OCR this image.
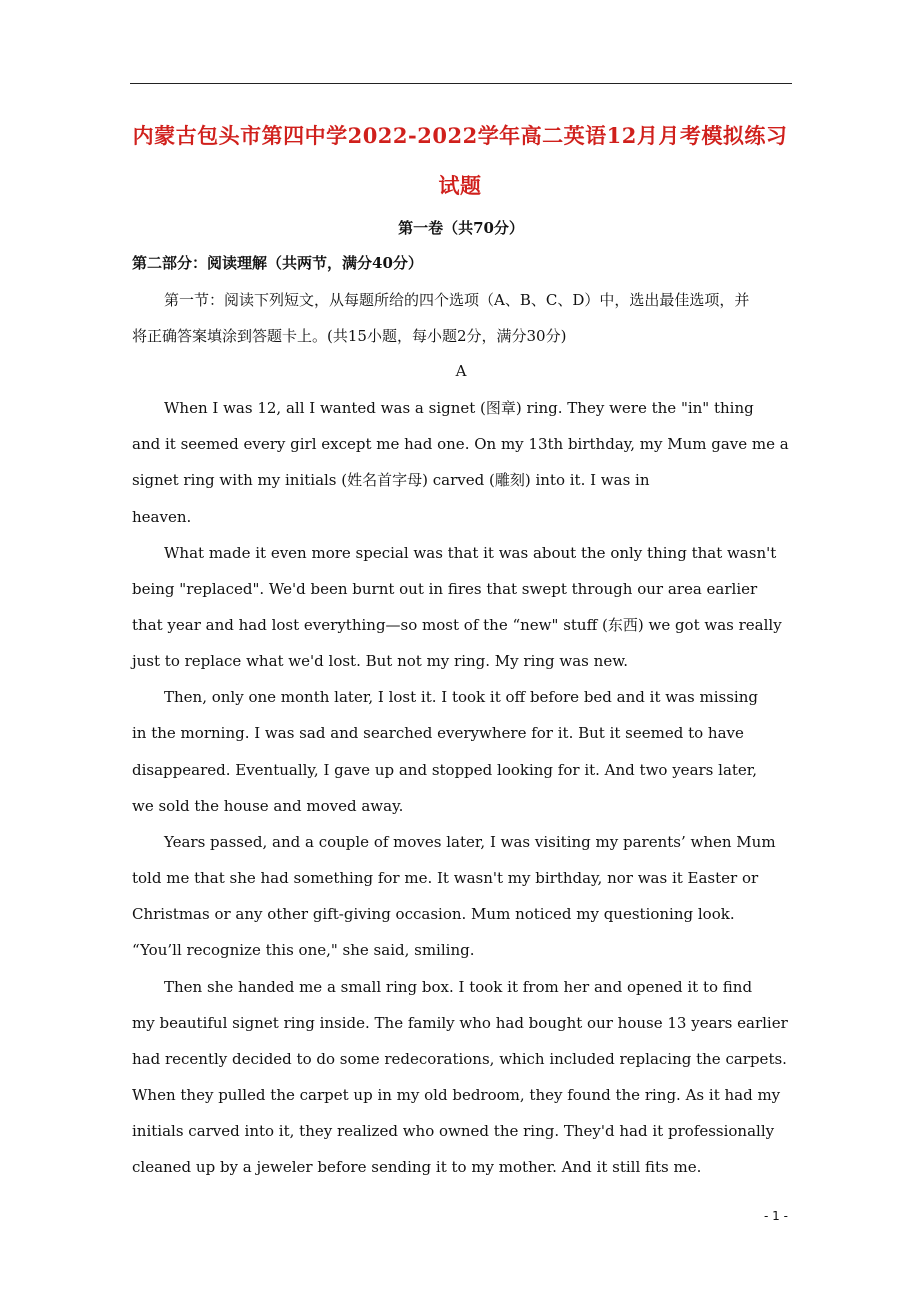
内蒙古包头市第四中学2022-2022学年高二英语12月月考模拟练习
试题
第一卷（共70分）
第二部分：阅读理解（共两节，满分40分）
第一节：阅读下列短文，从每题所给的四个选项（A、B、C、D）中，选出最佳选项，并
将正确答案填涂到答题卡上。(共15小题，每小题2分，满分30分)
A
When I was 12, all I wanted was a signet (图章) ring. They were the "in" thing
and it seemed every girl except me had one. On my 13th birthday, my Mum gave me a
signet ring with my initials (姓名首字母) carved (雕刻) into it. I was in
heaven.
What made it even more special was that it was about the only thing that wasn't
being "replaced". We'd been burnt out in fires that swept through our area earlier
that year and had lost everything—so most of the “new" stuff (东西) we got was really
just to replace what we'd lost. But not my ring. My ring was new.
Then, only one month later, I lost it. I took it off before bed and it was missing
in the morning. I was sad and searched everywhere for it. But it seemed to have
disappeared. Eventually, I gave up and stopped looking for it. And two years later,
we sold the house and moved away.
Years passed, and a couple of moves later, I was visiting my parents’ when Mum
told me that she had something for me. It wasn't my birthday, nor was it Easter or
Christmas or any other gift-giving occasion. Mum noticed my questioning look.
“You’ll recognize this one," she said, smiling.
Then she handed me a small ring box. I took it from her and opened it to find
my beautiful signet ring inside. The family who had bought our house 13 years earlier
had recently decided to do some redecorations, which included replacing the carpets.
When they pulled the carpet up in my old bedroom, they found the ring. As it had my
initials carved into it, they realized who owned the ring. They'd had it professionally
cleaned up by a jeweler before sending it to my mother. And it still fits me.
- 1 -
